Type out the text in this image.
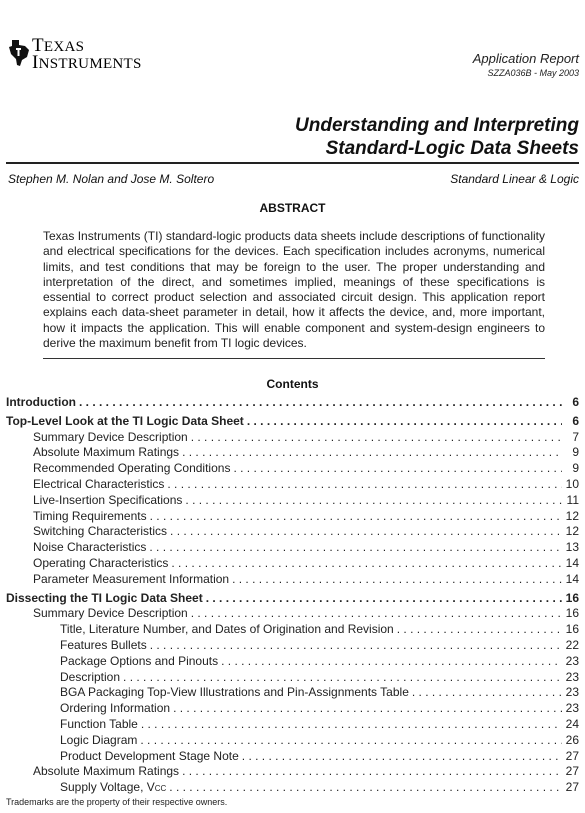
TEXAS
INSTRUMENTS	Application Report
SZZA036B - May 2003
Understanding and Interpreting
Standard-Logic Data Sheets
Stephen M. Nolan and Jose M. Soltero	Standard Linear & Logic
ABSTRACT
Texas Instruments (TI) standard-logic products data sheets include descriptions of functionality and electrical specifications for the devices. Each specification includes acronyms, numerical limits, and test conditions that may be foreign to the user. The proper understanding and interpretation of the direct, and sometimes implied, meanings of these specifications is essential to correct product selection and associated circuit design. This application report explains each data-sheet parameter in detail, how it affects the device, and, more important, how it impacts the application. This will enable component and system-design engineers to derive the maximum benefit from TI logic devices.
Contents
Introduction . . .	6
Top-Level Look at the TI Logic Data Sheet . . .	6
Summary Device Description . . .	7
Absolute Maximum Ratings . . .	9
Recommended Operating Conditions . . .	9
Electrical Characteristics . . .	10
Live-Insertion Specifications . . .	11
Timing Requirements . . .	12
Switching Characteristics . . .	12
Noise Characteristics . . .	13
Operating Characteristics . . .	14
Parameter Measurement Information . . .	14
Dissecting the TI Logic Data Sheet . . .	16
Summary Device Description . . .	16
Title, Literature Number, and Dates of Origination and Revision . . .	16
Features Bullets . . .	22
Package Options and Pinouts . . .	23
Description . . .	23
BGA Packaging Top-View Illustrations and Pin-Assignments Table . . .	23
Ordering Information . . .	23
Function Table . . .	24
Logic Diagram . . .	26
Product Development Stage Note . . .	27
Absolute Maximum Ratings . . .	27
Supply Voltage, V CC . . .	27
Trademarks are the property of their respective owners.
